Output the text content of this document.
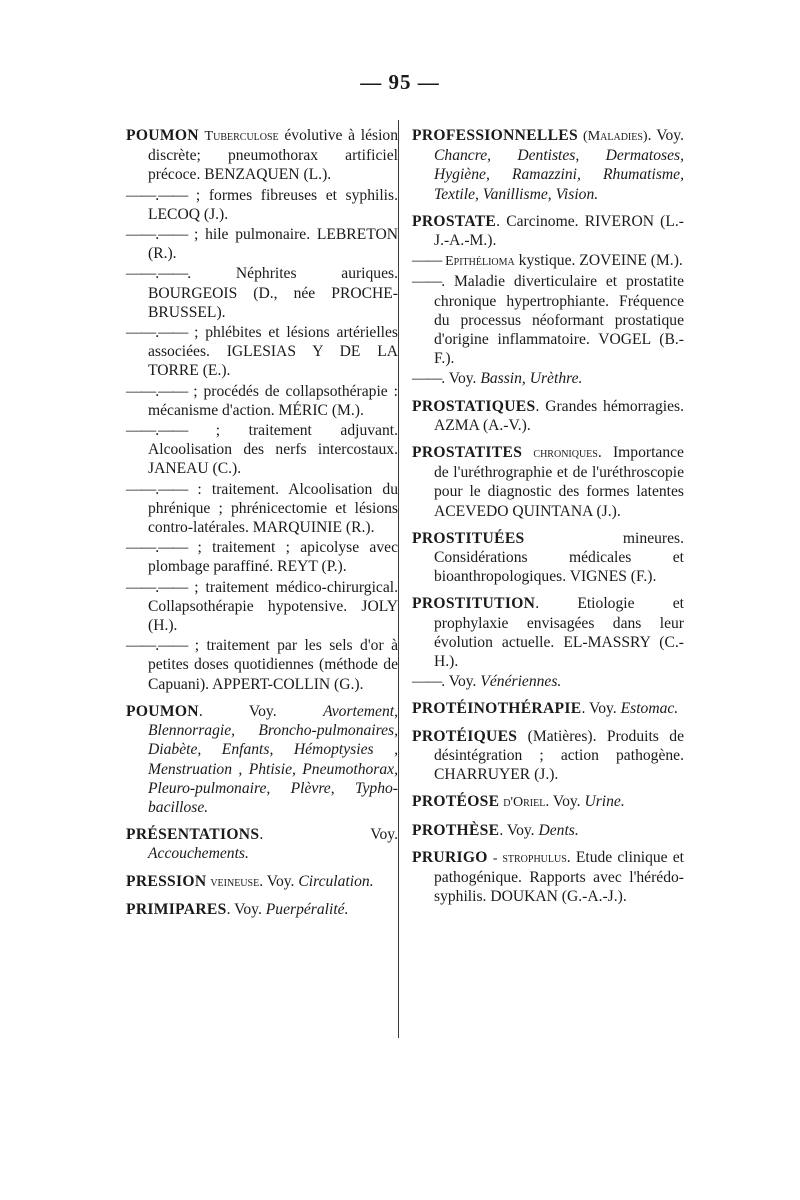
— 95 —

POUMON Tuberculose évolutive à lésion discrète; pneumothorax artificiel précoce. BENZAQUEN (L.).

——.—— ; formes fibreuses et syphilis. LECOQ (J.).

——.—— ; hile pulmonaire. LEBRETON (R.).

——.——. Néphrites auriques. BOURGEOIS (D., née PROCHE-BRUSSEL).

——.—— ; phlébites et lésions artérielles associées. IGLESIAS Y DE LA TORRE (E.).

——.—— ; procédés de collapsothérapie : mécanisme d'action. MÉRIC (M.).

——.—— ; traitement adjuvant. Alcoolisation des nerfs intercostaux. JANEAU (C.).

——.—— : traitement. Alcoolisation du phrénique ; phrénicectomie et lésions contro-latérales. MARQUINIE (R.).

——.—— ; traitement ; apicolyse avec plombage paraffiné. REYT (P.).

——.—— ; traitement médico-chirurgical. Collapsothérapie hypotensive. JOLY (H.).

——.—— ; traitement par les sels d'or à petites doses quotidiennes (méthode de Capuani). APPERT-COLLIN (G.).

POUMON. Voy. Avortement, Blennorragie, Broncho-pulmonaires, Diabète, Enfants, Hémoptysies , Menstruation , Phtisie, Pneumothorax, Pleuro-pulmonaire, Plèvre, Typho-bacillose.

PRÉSENTATIONS. Voy. Accouchements.

PRESSION veineuse. Voy. Circulation.

PRIMIPARES. Voy. Puerpéralité.

PROFESSIONNELLES (Maladies). Voy. Chancre, Dentistes, Dermatoses, Hygiène, Ramazzini, Rhumatisme, Textile, Vanillisme, Vision.

PROSTATE. Carcinome. RIVERON (L.-J.-A.-M.).

—— Epithélioma kystique. ZOVEINE (M.).

——. Maladie diverticulaire et prostatite chronique hypertrophiante. Fréquence du processus néoformant prostatique d'origine inflammatoire. VOGEL (B.-F.).

——. Voy. Bassin, Urèthre.

PROSTATIQUES. Grandes hémorragies. AZMA (A.-V.).

PROSTATITES chroniques. Importance de l'uréthrographie et de l'uréthroscopie pour le diagnostic des formes latentes ACEVEDO QUINTANA (J.).

PROSTITUÉES mineures. Considérations médicales et bioanthropologiques. VIGNES (F.).

PROSTITUTION. Etiologie et prophylaxie envisagées dans leur évolution actuelle. EL-MASSRY (C.-H.).

——. Voy. Vénériennes.

PROTÉINOTHÉRAPIE. Voy. Estomac.

PROTÉIQUES (Matières). Produits de désintégration ; action pathogène. CHARRUYER (J.).

PROTÉOSE d'Oriel. Voy. Urine.

PROTHÈSE. Voy. Dents.

PRURIGO - strophulus. Etude clinique et pathogénique. Rapports avec l'hérédo-syphilis. DOUKAN (G.-A.-J.).
